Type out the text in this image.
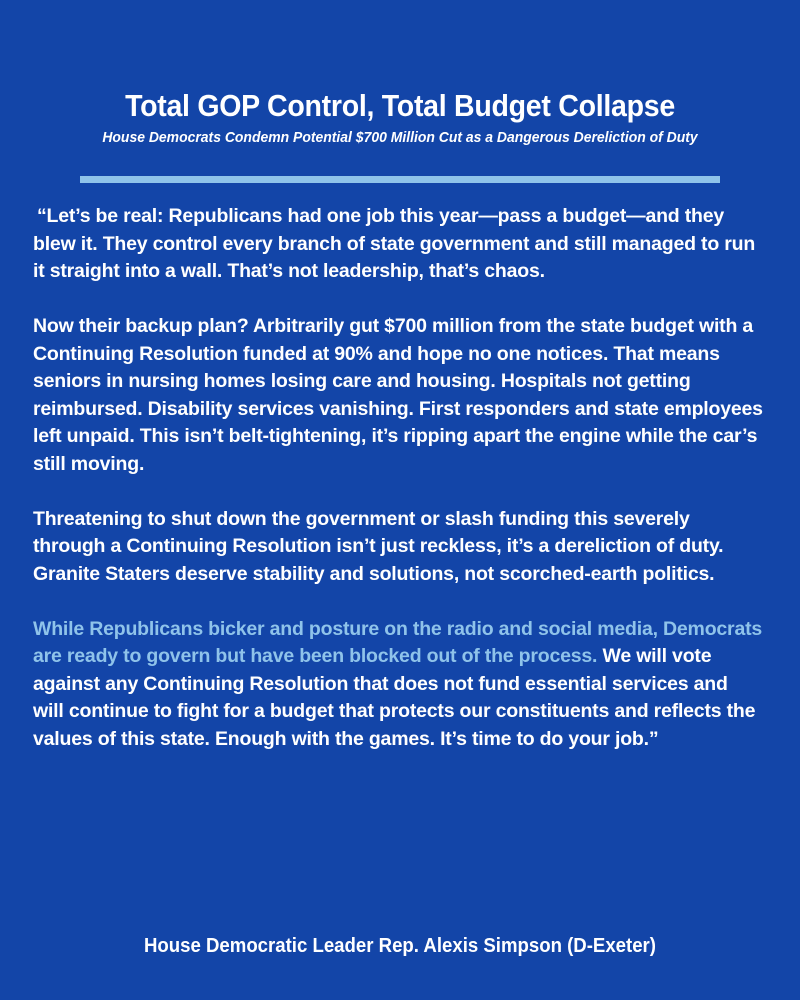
Total GOP Control, Total Budget Collapse
House Democrats Condemn Potential $700 Million Cut as a Dangerous Dereliction of Duty

“Let’s be real: Republicans had one job this year—pass a budget—and they blew it. They control every branch of state government and still managed to run it straight into a wall. That’s not leadership, that’s chaos.

Now their backup plan? Arbitrarily gut $700 million from the state budget with a Continuing Resolution funded at 90% and hope no one notices. That means seniors in nursing homes losing care and housing. Hospitals not getting reimbursed. Disability services vanishing. First responders and state employees left unpaid. This isn’t belt-tightening, it’s ripping apart the engine while the car’s still moving.

Threatening to shut down the government or slash funding this severely through a Continuing Resolution isn’t just reckless, it’s a dereliction of duty. Granite Staters deserve stability and solutions, not scorched-earth politics.

While Republicans bicker and posture on the radio and social media, Democrats are ready to govern but have been blocked out of the process. We will vote against any Continuing Resolution that does not fund essential services and will continue to fight for a budget that protects our constituents and reflects the values of this state. Enough with the games. It’s time to do your job.”

House Democratic Leader Rep. Alexis Simpson (D-Exeter)
